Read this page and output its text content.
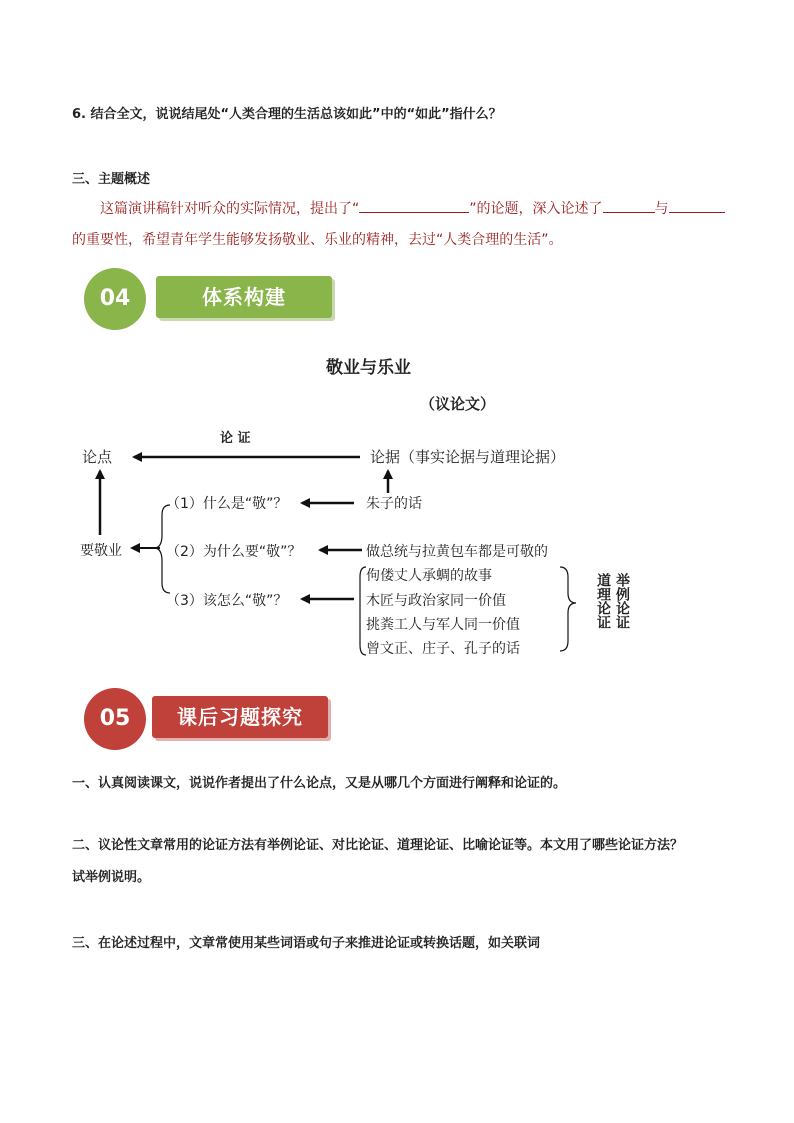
6. 结合全文，说说结尾处“人类合理的生活总该如此”中的“如此”指什么？
三、主题概述
这篇演讲稿针对听众的实际情况，提出了“	”的论题，深入论述了	与
的重要性，希望青年学生能够发扬敬业、乐业的精神，去过“人类合理的生活”。
体系构建
04
敬业与乐业
（议论文）
论 证
论点	论据（事实论据与道理论据）
要敬业
（1）什么是“敬”？
（2）为什么要“敬”？
（3）该怎么“敬”？
朱子的话
做总统与拉黄包车都是可敬的
佝偻丈人承蜩的故事
木匠与政治家同一价值
挑粪工人与军人同一价值
曾文正、庄子、孔子的话
道理论证 举例论证
课后习题探究
05
一、认真阅读课文，说说作者提出了什么论点，又是从哪几个方面进行阐释和论证的。
二、议论性文章常用的论证方法有举例论证、对比论证、道理论证、比喻论证等。本文用了哪些论证方法？
试举例说明。
三、在论述过程中，文章常使用某些词语或句子来推进论证或转换话题，如关联词
